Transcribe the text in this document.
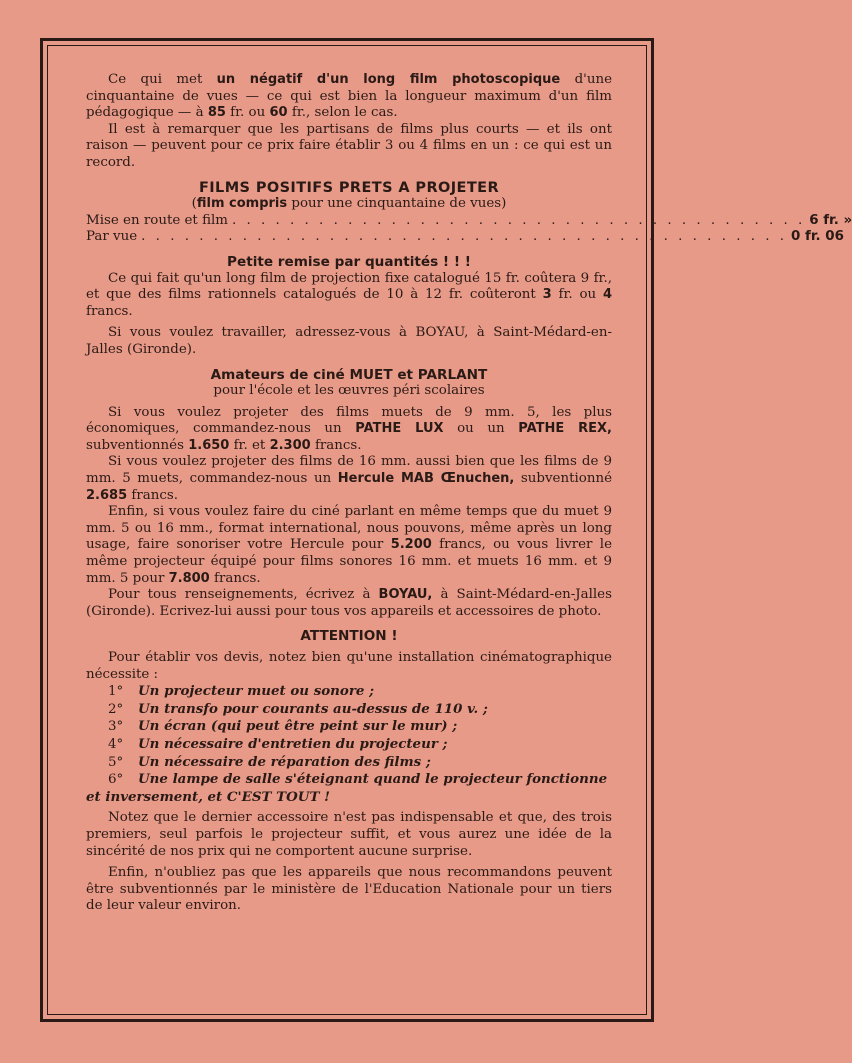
Ce qui met un négatif d'un long film photoscopique d'une cinquantaine de vues — ce qui est bien la longueur maximum d'un film pédagogique — à 85 fr. ou 60 fr., selon le cas.

Il est à remarquer que les partisans de films plus courts — et ils ont raison — peuvent pour ce prix faire établir 3 ou 4 films en un : ce qui est un record.

FILMS POSITIFS PRETS A PROJETER

(film compris pour une cinquantaine de vues)

Mise en route et film . . . . . . . . . . . . . . . . . . . . . . . . . . . . . . . . . . . . . . . . 6 fr. »
Par vue . . . . . . . . . . . . . . . . . . . . . . . . . . . . . . . . . . . . . . . . . . . . . 0 fr. 06

Petite remise par quantités ! ! !

Ce qui fait qu'un long film de projection fixe catalogué 15 fr. coûtera 9 fr., et que des films rationnels catalogués de 10 à 12 fr. coûteront 3 fr. ou 4 francs.

Si vous voulez travailler, adressez-vous à BOYAU, à Saint-Médard-en-Jalles (Gironde).

Amateurs de ciné MUET et PARLANT

pour l'école et les œuvres péri scolaires

Si vous voulez projeter des films muets de 9 mm. 5, les plus économiques, commandez-nous un PATHE LUX ou un PATHE REX, subventionnés 1.650 fr. et 2.300 francs.

Si vous voulez projeter des films de 16 mm. aussi bien que les films de 9 mm. 5 muets, commandez-nous un Hercule MAB Œnuchen, subventionné 2.685 francs.

Enfin, si vous voulez faire du ciné parlant en même temps que du muet 9 mm. 5 ou 16 mm., format international, nous pouvons, même après un long usage, faire sonoriser votre Hercule pour 5.200 francs, ou vous livrer le même projecteur équipé pour films sonores 16 mm. et muets 16 mm. et 9 mm. 5 pour 7.800 francs.

Pour tous renseignements, écrivez à BOYAU, à Saint-Médard-en-Jalles (Gironde). Ecrivez-lui aussi pour tous vos appareils et accessoires de photo.

ATTENTION !

Pour établir vos devis, notez bien qu'une installation cinématographique nécessite :

1° Un projecteur muet ou sonore ;
2° Un transfo pour courants au-dessus de 110 v. ;
3° Un écran (qui peut être peint sur le mur) ;
4° Un nécessaire d'entretien du projecteur ;
5° Un nécessaire de réparation des films ;
6° Une lampe de salle s'éteignant quand le projecteur fonctionne
et inversement, et C'EST TOUT !

Notez que le dernier accessoire n'est pas indispensable et que, des trois premiers, seul parfois le projecteur suffit, et vous aurez une idée de la sincérité de nos prix qui ne comportent aucune surprise.

Enfin, n'oubliez pas que les appareils que nous recommandons peuvent être subventionnés par le ministère de l'Education Nationale pour un tiers de leur valeur environ.
